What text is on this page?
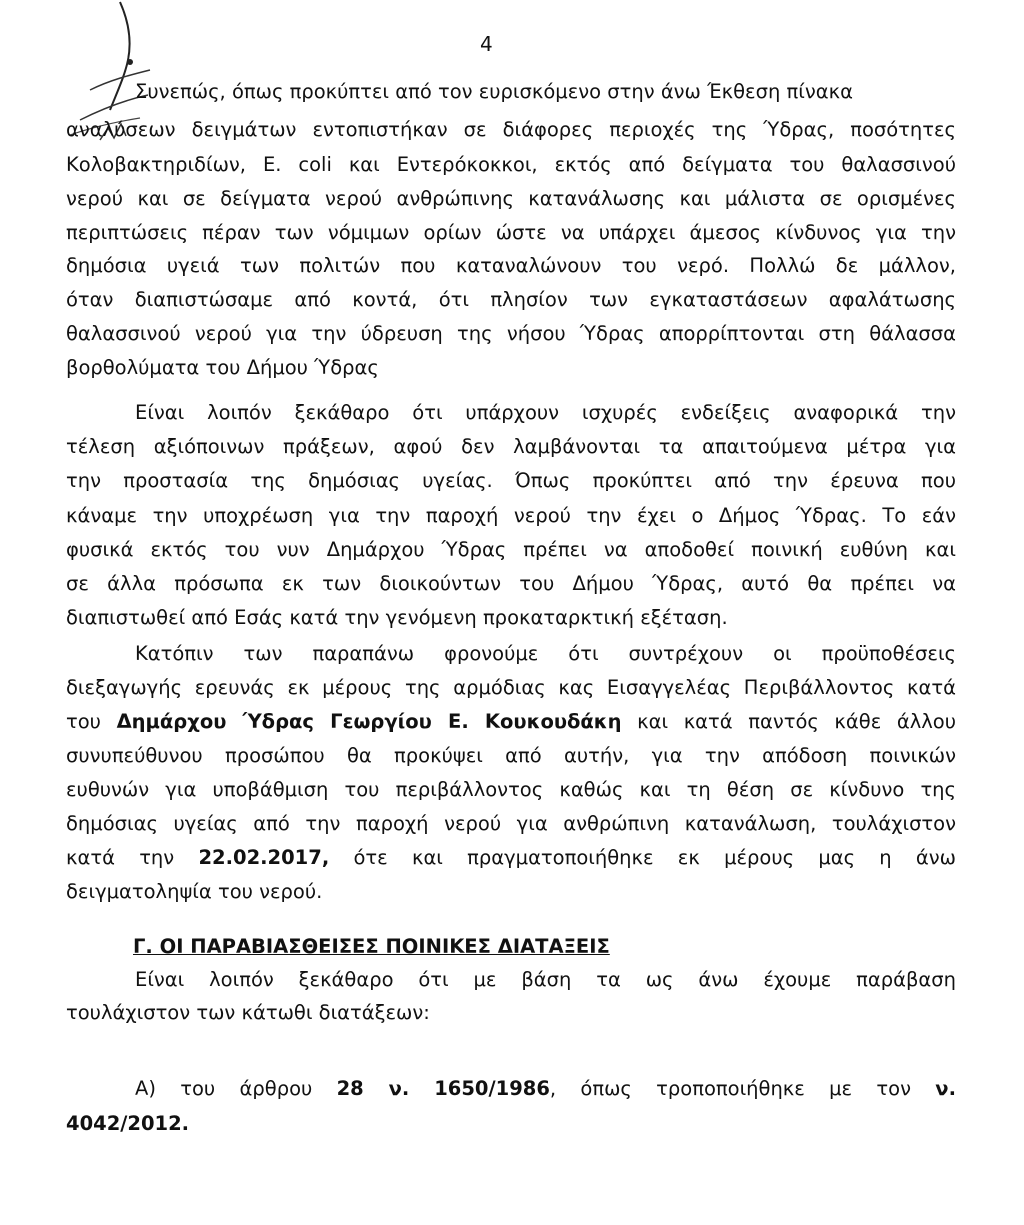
4
Συνεπώς, όπως προκύπτει από τον ευρισκόμενο στην άνω Έκθεση πίνακα
αναλύσεων δειγμάτων εντοπιστήκαν σε διάφορες περιοχές της Ύδρας, ποσότητες
Κολοβακτηριδίων, Ε. coli και Εντερόκοκκοι, εκτός από δείγματα του θαλασσινού
νερού και σε δείγματα νερού ανθρώπινης κατανάλωσης και μάλιστα σε ορισμένες
περιπτώσεις πέραν των νόμιμων ορίων ώστε να υπάρχει άμεσος κίνδυνος για την
δημόσια υγειά των πολιτών που καταναλώνουν του νερό. Πολλώ δε μάλλον,
όταν διαπιστώσαμε από κοντά, ότι πλησίον των εγκαταστάσεων αφαλάτωσης
θαλασσινού νερού για την ύδρευση της νήσου Ύδρας απορρίπτονται στη θάλασσα
βορθολύματα του Δήμου Ύδρας
Είναι λοιπόν ξεκάθαρο ότι υπάρχουν ισχυρές ενδείξεις αναφορικά την
τέλεση αξιόποινων πράξεων, αφού δεν λαμβάνονται τα απαιτούμενα μέτρα για
την προστασία της δημόσιας υγείας. Όπως προκύπτει από την έρευνα που
κάναμε την υποχρέωση για την παροχή νερού την έχει ο Δήμος Ύδρας. Το εάν
φυσικά εκτός του νυν Δημάρχου Ύδρας πρέπει να αποδοθεί ποινική ευθύνη και
σε άλλα πρόσωπα εκ των διοικούντων του Δήμου Ύδρας, αυτό θα πρέπει να
διαπιστωθεί από Εσάς κατά την γενόμενη προκαταρκτική εξέταση.
Κατόπιν των παραπάνω φρονούμε ότι συντρέχουν οι προϋποθέσεις
διεξαγωγής ερευνάς εκ μέρους της αρμόδιας κας Εισαγγελέας Περιβάλλοντος κατά
του Δημάρχου Ύδρας Γεωργίου Ε. Κουκουδάκη και κατά παντός κάθε άλλου
συνυπεύθυνου προσώπου θα προκύψει από αυτήν, για την απόδοση ποινικών
ευθυνών για υποβάθμιση του περιβάλλοντος καθώς και τη θέση σε κίνδυνο της
δημόσιας υγείας από την παροχή νερού για ανθρώπινη κατανάλωση, τουλάχιστον
κατά την 22.02.2017, ότε και πραγματοποιήθηκε εκ μέρους μας η άνω
δειγματοληψία του νερού.
Γ. ΟΙ ΠΑΡΑΒΙΑΣΘΕΙΣΕΣ ΠΟΙΝΙΚΕΣ ΔΙΑΤΑΞΕΙΣ
Είναι λοιπόν ξεκάθαρο ότι με βάση τα ως άνω έχουμε παράβαση
τουλάχιστον των κάτωθι διατάξεων:
Α) του άρθρου 28 ν. 1650/1986, όπως τροποποιήθηκε με τον ν.
4042/2012.
